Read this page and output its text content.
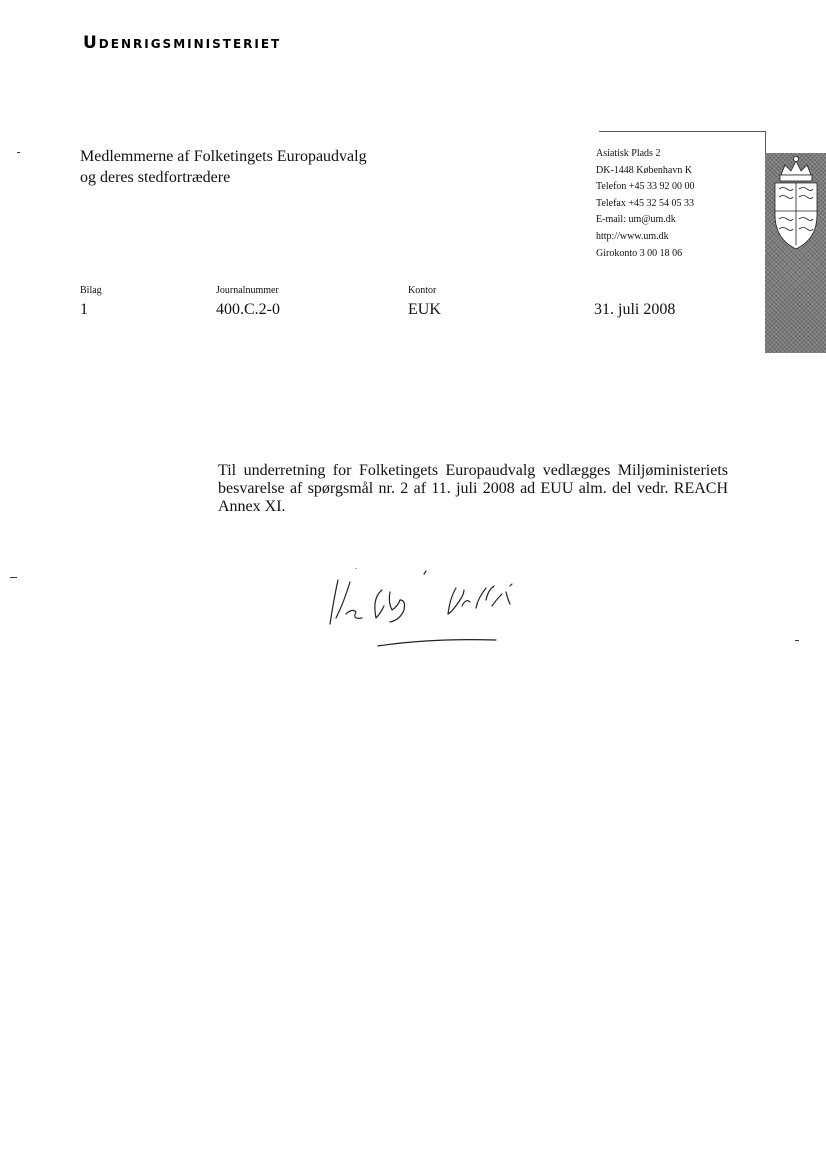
Udenrigsministeriet
Medlemmerne af Folketingets Europaudvalg
og deres stedfortrædere
Asiatisk Plads 2
DK-1448 København K
Telefon +45 33 92 00 00
Telefax +45 32 54 05 33
E-mail: um@um.dk
http://www.um.dk
Girokonto 3 00 18 06
Bilag	Journalnummer	Kontor
1	400.C.2-0	EUK	31. juli 2008
Til underretning for Folketingets Europaudvalg vedlægges Miljøministeriets besvarelse af spørgsmål nr. 2 af 11. juli 2008 ad EUU alm. del vedr. REACH Annex XI.
